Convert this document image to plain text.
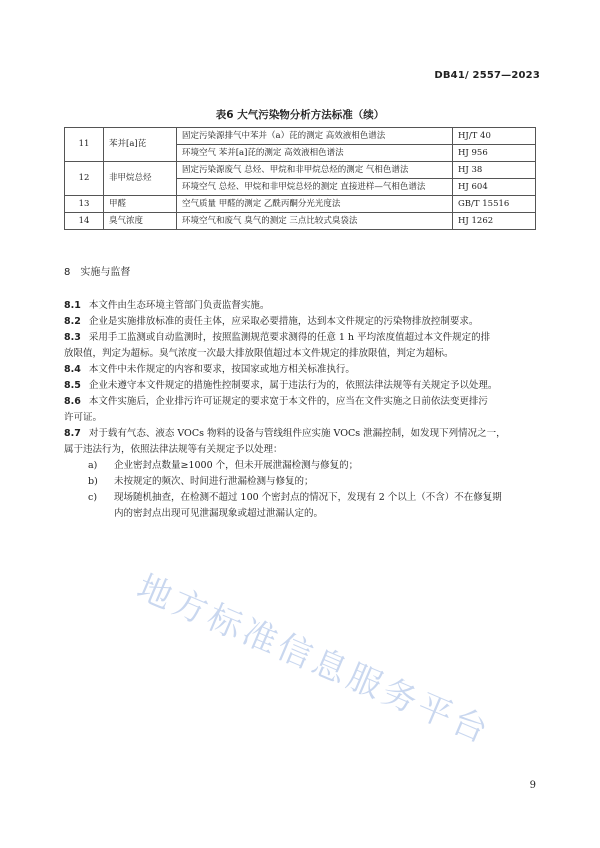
DB41/ 2557—2023
表6 大气污染物分析方法标准（续）
11	苯并[a]芘	固定污染源排气中苯并（a）芘的测定 高效液相色谱法	HJ/T 40
		环境空气 苯并[a]芘的测定 高效液相色谱法	HJ 956
12	非甲烷总烃	固定污染源废气 总烃、甲烷和非甲烷总烃的测定 气相色谱法	HJ 38
		环境空气 总烃、甲烷和非甲烷总烃的测定 直接进样—气相色谱法	HJ 604
13	甲醛	空气质量 甲醛的测定 乙酰丙酮分光光度法	GB/T 15516
14	臭气浓度	环境空气和废气 臭气的测定 三点比较式臭袋法	HJ 1262
8 实施与监督
8.1 本文件由生态环境主管部门负责监督实施。
8.2 企业是实施排放标准的责任主体，应采取必要措施，达到本文件规定的污染物排放控制要求。
8.3 采用手工监测或自动监测时，按照监测规范要求测得的任意 1 h 平均浓度值超过本文件规定的排
放限值，判定为超标。臭气浓度一次最大排放限值超过本文件规定的排放限值，判定为超标。
8.4 本文件中未作规定的内容和要求，按国家或地方相关标准执行。
8.5 企业未遵守本文件规定的措施性控制要求，属于违法行为的，依照法律法规等有关规定予以处理。
8.6 本文件实施后，企业排污许可证规定的要求宽于本文件的，应当在文件实施之日前依法变更排污
许可证。
8.7 对于载有气态、液态 VOCs 物料的设备与管线组件应实施 VOCs 泄漏控制，如发现下列情况之一，
属于违法行为，依照法律法规等有关规定予以处理：
a) 企业密封点数量≥1000 个，但未开展泄漏检测与修复的；
b) 未按规定的频次、时间进行泄漏检测与修复的；
c) 现场随机抽查，在检测不超过 100 个密封点的情况下，发现有 2 个以上（不含）不在修复期
内的密封点出现可见泄漏现象或超过泄漏认定的。
地方标准信息服务平台
9
